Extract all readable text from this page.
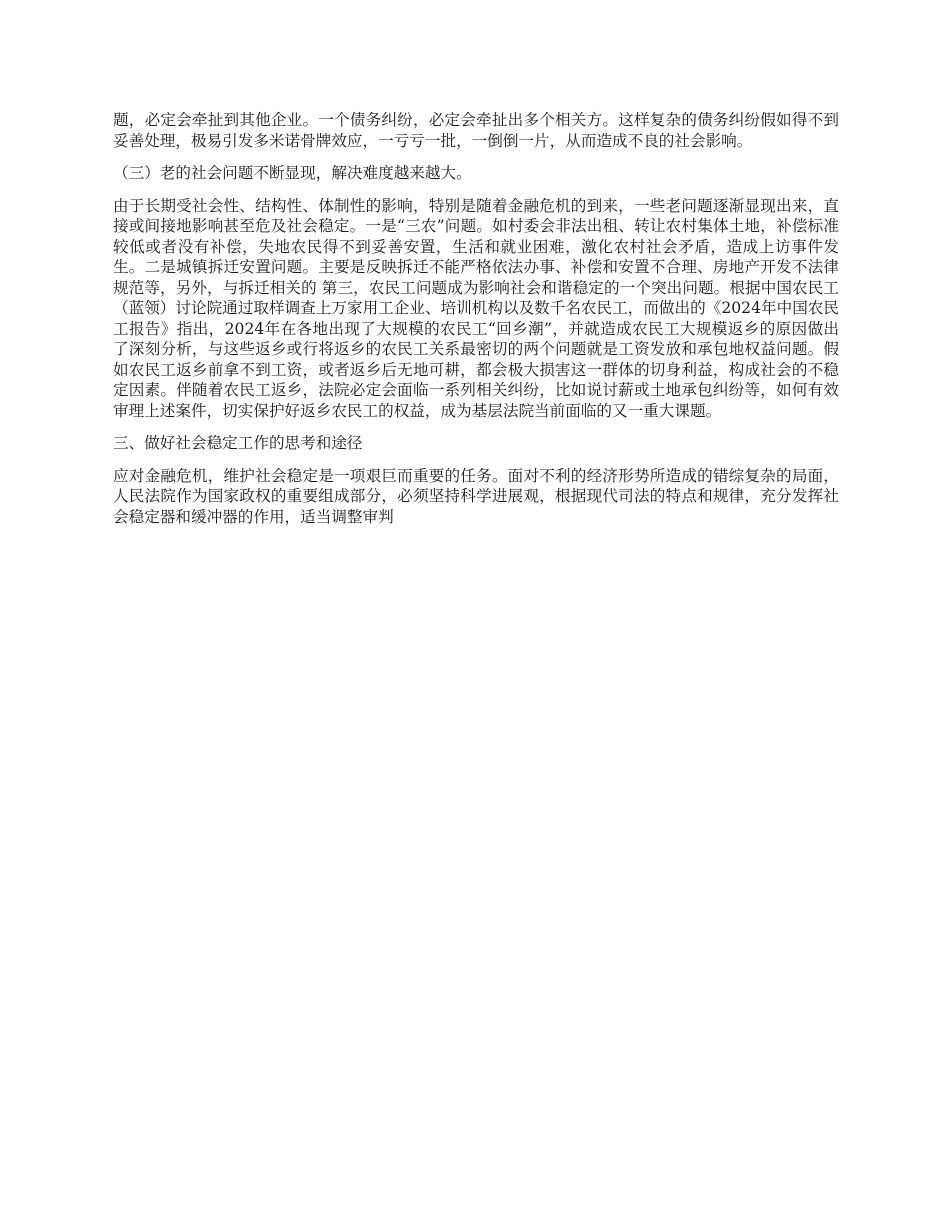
题，必定会牵扯到其他企业。一个债务纠纷，必定会牵扯出多个相关方。这样复杂的债务纠纷假如得不到妥善处理，极易引发多米诺骨牌效应，一亏亏一批，一倒倒一片，从而造成不良的社会影响。

（三）老的社会问题不断显现，解决难度越来越大。

由于长期受社会性、结构性、体制性的影响，特别是随着金融危机的到来，一些老问题逐渐显现出来，直接或间接地影响甚至危及社会稳定。一是“三农”问题。如村委会非法出租、转让农村集体土地，补偿标准较低或者没有补偿，失地农民得不到妥善安置，生活和就业困难，激化农村社会矛盾，造成上访事件发生。二是城镇拆迁安置问题。主要是反映拆迁不能严格依法办事、补偿和安置不合理、房地产开发不法律规范等，另外，与拆迁相关的 第三，农民工问题成为影响社会和谐稳定的一个突出问题。根据中国农民工（蓝领）讨论院通过取样调查上万家用工企业、培训机构以及数千名农民工，而做出的《2024年中国农民工报告》指出，2024年在各地出现了大规模的农民工“回乡潮”，并就造成农民工大规模返乡的原因做出了深刻分析，与这些返乡或行将返乡的农民工关系最密切的两个问题就是工资发放和承包地权益问题。假如农民工返乡前拿不到工资，或者返乡后无地可耕，都会极大损害这一群体的切身利益，构成社会的不稳定因素。伴随着农民工返乡，法院必定会面临一系列相关纠纷，比如说讨薪或土地承包纠纷等，如何有效审理上述案件，切实保护好返乡农民工的权益，成为基层法院当前面临的又一重大课题。

三、做好社会稳定工作的思考和途径

应对金融危机，维护社会稳定是一项艰巨而重要的任务。面对不利的经济形势所造成的错综复杂的局面，人民法院作为国家政权的重要组成部分，必须坚持科学进展观，根据现代司法的特点和规律，充分发挥社会稳定器和缓冲器的作用，适当调整审判
